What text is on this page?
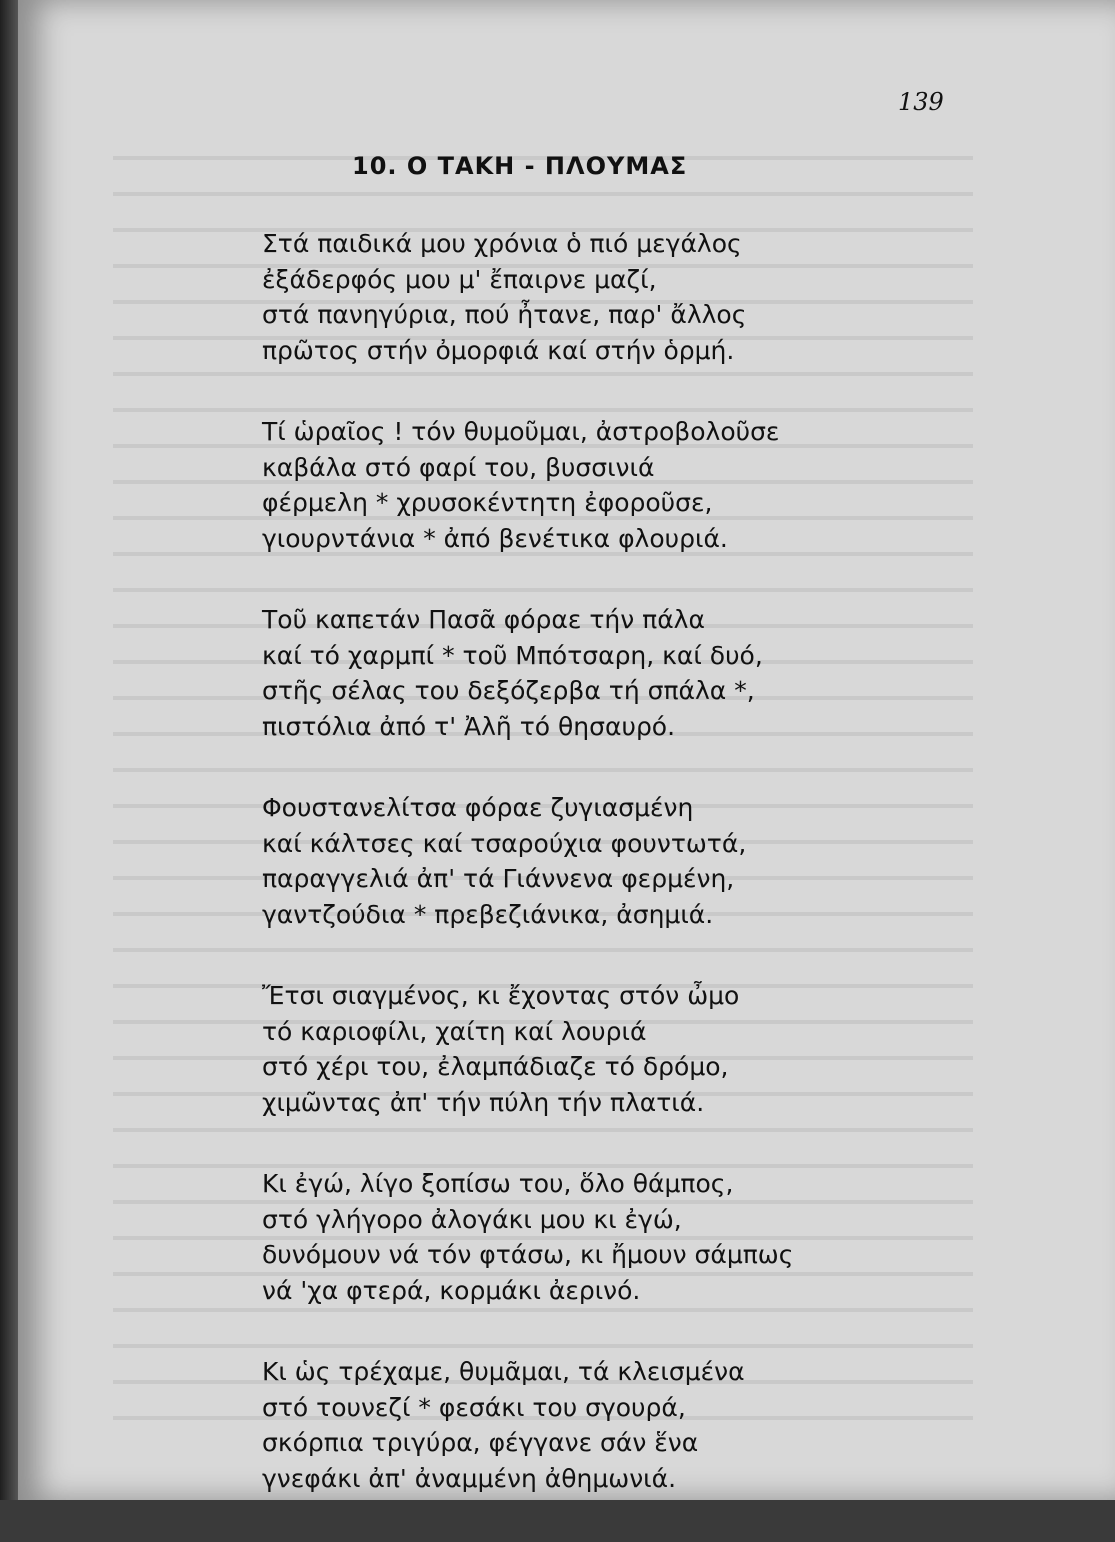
139
10. Ο ΤΑΚΗ - ΠΛΟΥΜΑΣ
Στά παιδικά μου χρόνια ὁ πιό μεγάλος
ἐξάδερφός μου μ' ἔπαιρνε μαζί,
στά πανηγύρια, πού ἦτανε, παρ' ἄλλος
πρῶτος στήν ὀμορφιά καί στήν ὁρμή.
Τί ὡραῖος ! τόν θυμοῦμαι, ἀστροβολοῦσε
καβάλα στό φαρί του, βυσσινιά
φέρμελη * χρυσοκέντητη ἐφοροῦσε,
γιουρντάνια * ἀπό βενέτικα φλουριά.
Τοῦ καπετάν Πασᾶ φόραε τήν πάλα
καί τό χαρμπί * τοῦ Μπότσαρη, καί δυό,
στῆς σέλας του δεξόζερβα τή σπάλα *,
πιστόλια ἀπό τ' Ἀλῆ τό θησαυρό.
Φουστανελίτσα φόραε ζυγιασμένη
καί κάλτσες καί τσαρούχια φουντωτά,
παραγγελιά ἀπ' τά Γιάννενα φερμένη,
γαντζούδια * πρεβεζιάνικα, ἀσημιά.
Ἔτσι σιαγμένος, κι ἔχοντας στόν ὦμο
τό καριοφίλι, χαίτη καί λουριά
στό χέρι του, ἐλαμπάδιαζε τό δρόμο,
χιμῶντας ἀπ' τήν πύλη τήν πλατιά.
Κι ἐγώ, λίγο ξοπίσω του, ὅλο θάμπος,
στό γλήγορο ἀλογάκι μου κι ἐγώ,
δυνόμουν νά τόν φτάσω, κι ἤμουν σάμπως
νά 'χα φτερά, κορμάκι ἀερινό.
Κι ὡς τρέχαμε, θυμᾶμαι, τά κλεισμένα
στό τουνεζί * φεσάκι του σγουρά,
σκόρπια τριγύρα, φέγγανε σάν ἕνα
γνεφάκι ἀπ' ἀναμμένη ἀθημωνιά.
